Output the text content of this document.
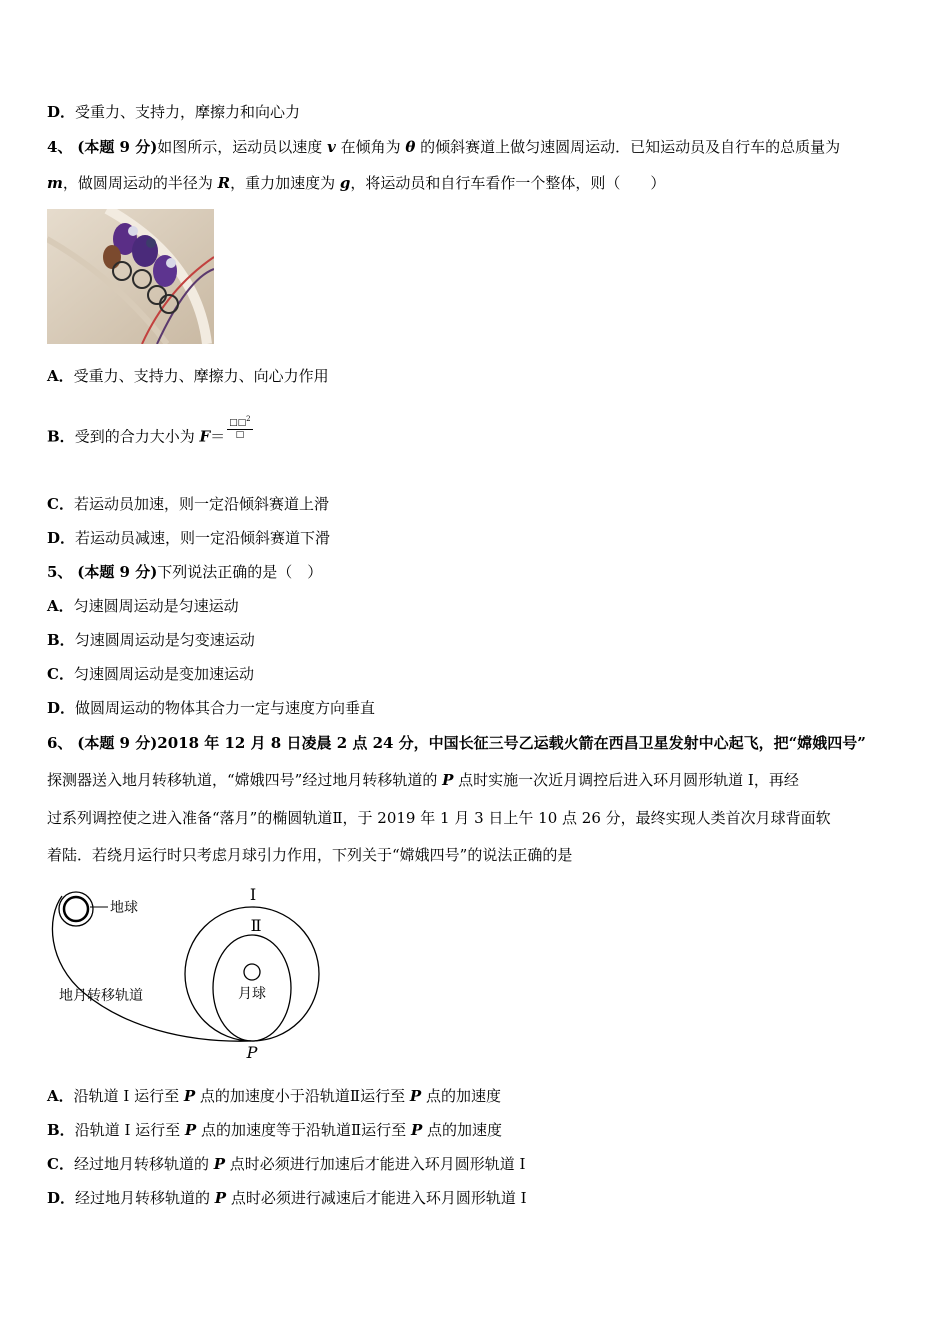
D．受重力、支持力，摩擦力和向心力
4、 (本题 9 分)如图所示，运动员以速度 v 在倾角为 θ 的倾斜赛道上做匀速圆周运动．已知运动员及自行车的总质量为
m，做圆周运动的半径为 R，重力加速度为 g，将运动员和自行车看作一个整体，则（　　）
A．受重力、支持力、摩擦力、向心力作用
B．受到的合力大小为 $F= \frac{□□^2}{□}$
C．若运动员加速，则一定沿倾斜赛道上滑
D．若运动员减速，则一定沿倾斜赛道下滑
5、 (本题 9 分)下列说法正确的是（　）
A．匀速圆周运动是匀速运动
B．匀速圆周运动是匀变速运动
C．匀速圆周运动是变加速运动
D．做圆周运动的物体其合力一定与速度方向垂直
6、 (本题 9 分)2018 年 12 月 8 日凌晨 2 点 24 分，中国长征三号乙运载火箭在西昌卫星发射中心起飞，把“嫦娥四号”
探测器送入地月转移轨道，“嫦娥四号”经过地月转移轨道的 P 点时实施一次近月调控后进入环月圆形轨道 I，再经
过系列调控使之进入准备“落月”的椭圆轨道Ⅱ，于 2019 年 1 月 3 日上午 10 点 26 分，最终实现人类首次月球背面软
着陆．若绕月运行时只考虑月球引力作用，下列关于“嫦娥四号”的说法正确的是
地球
地月转移轨道
I
Ⅱ
月球
P
A．沿轨道 I 运行至 P 点的加速度小于沿轨道Ⅱ运行至 P 点的加速度
B．沿轨道 I 运行至 P 点的加速度等于沿轨道Ⅱ运行至 P 点的加速度
C．经过地月转移轨道的 P 点时必须进行加速后才能进入环月圆形轨道 I
D．经过地月转移轨道的 P 点时必须进行减速后才能进入环月圆形轨道 I
